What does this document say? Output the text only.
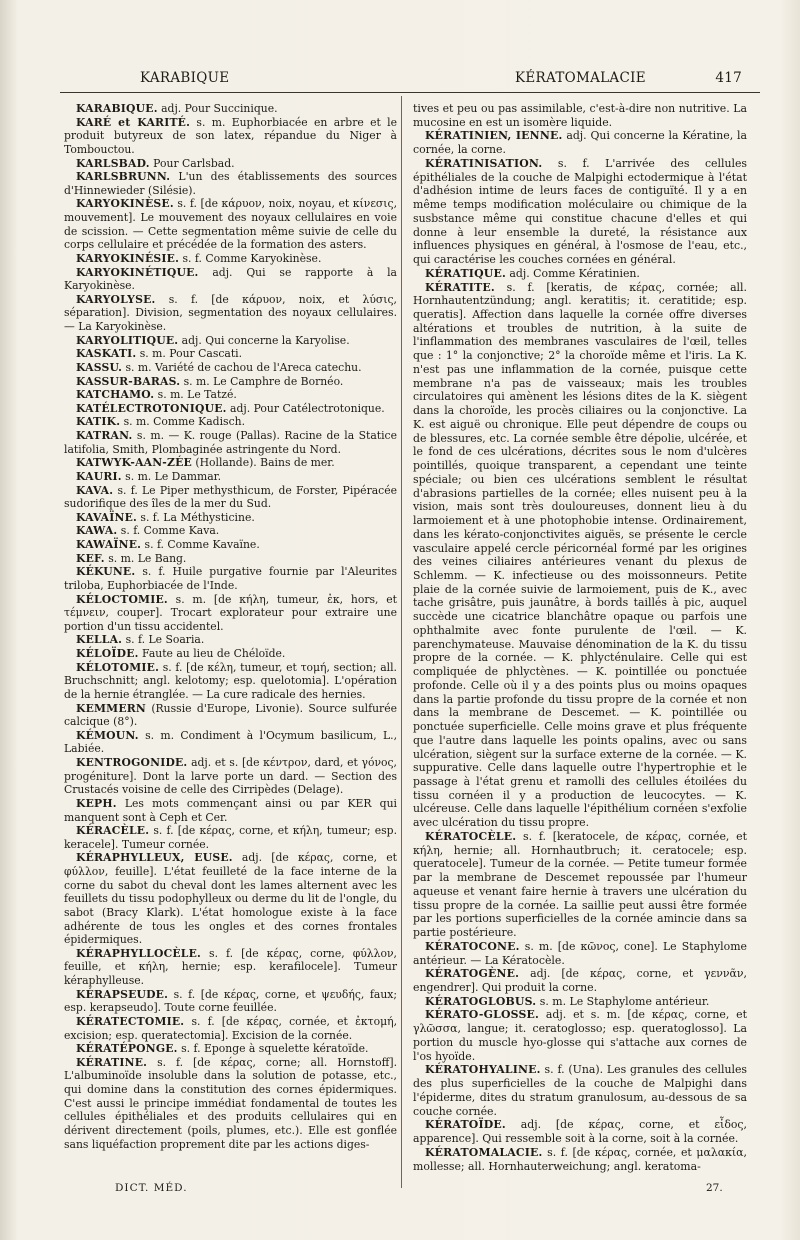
KARABIQUE	KÉRATOMALACIE	417

KARABIQUE. adj. Pour Succinique.

KARÉ et KARITÉ. s. m. Euphorbiacée en arbre et le produit butyreux de son latex, répandue du Niger à Tombouctou.

KARLSBAD. Pour Carlsbad.

KARLSBRUNN. L'un des établissements des sources d'Hinnewieder (Silésie).

KARYOKINÈSE. s. f. [de κάρυον, noix, noyau, et κίνεσις, mouvement]. Le mouvement des noyaux cellulaires en voie de scission. — Cette segmentation même suivie de celle du corps cellulaire et précédée de la formation des asters.

KARYOKINÉSIE. s. f. Comme Karyokinèse.

KARYOKINÉTIQUE. adj. Qui se rapporte à la Karyokinèse.

KARYOLYSE. s. f. [de κάρυον, noix, et λύσις, séparation]. Division, segmentation des noyaux cellulaires. — La Karyokinèse.

KARYOLITIQUE. adj. Qui concerne la Karyolise.

KASKATI. s. m. Pour Cascati.

KASSU. s. m. Variété de cachou de l'Areca catechu.

KASSUR-BARAS. s. m. Le Camphre de Bornéo.

KATCHAMO. s. m. Le Tatzé.

KATÉLECTROTONIQUE. adj. Pour Catélectrotonique.

KATIK. s. m. Comme Kadisch.

KATRAN. s. m. — K. rouge (Pallas). Racine de la Statice latifolia, Smith, Plombaginée astringente du Nord.

KATWYK-AAN-ZÉE (Hollande). Bains de mer.

KAURI. s. m. Le Dammar.

KAVA. s. f. Le Piper methysthicum, de Forster, Pipéracée sudorifique des îles de la mer du Sud.

KAVAÏNE. s. f. La Méthysticine.

KAWA. s. f. Comme Kava.

KAWAÏNE. s. f. Comme Kavaïne.

KEF. s. m. Le Bang.

KÉKUNE. s. f. Huile purgative fournie par l'Aleurites triloba, Euphorbiacée de l'Inde.

KÉLOCTOMIE. s. m. [de κήλη, tumeur, ἐκ, hors, et τέμνειν, couper]. Trocart explorateur pour extraire une portion d'un tissu accidentel.

KELLA. s. f. Le Soaria.

KÉLOÏDE. Faute au lieu de Chéloïde.

KÉLOTOMIE. s. f. [de κέλη, tumeur, et τομή, section; all. Bruchschnitt; angl. kelotomy; esp. quelotomia]. L'opération de la hernie étranglée. — La cure radicale des hernies.

KEMMERN (Russie d'Europe, Livonie). Source sulfurée calcique (8°).

KÉMOUN. s. m. Condiment à l'Ocymum basilicum, L., Labiée.

KENTROGONIDE. adj. et s. [de κέντρον, dard, et γόνος, progéniture]. Dont la larve porte un dard. — Section des Crustacés voisine de celle des Cirripèdes (Delage).

KEPH. Les mots commençant ainsi ou par KER qui manquent sont à Ceph et Cer.

KÉRACÈLE. s. f. [de κέρας, corne, et κήλη, tumeur; esp. keracele]. Tumeur cornée.

KÉRAPHYLLEUX, EUSE. adj. [de κέρας, corne, et φύλλον, feuille]. L'état feuilleté de la face interne de la corne du sabot du cheval dont les lames alternent avec les feuillets du tissu podophylleux ou derme du lit de l'ongle, du sabot (Bracy Klark). L'état homologue existe à la face adhérente de tous les ongles et des cornes frontales épidermiques.

KÉRAPHYLLOCÈLE. s. f. [de κέρας, corne, φύλλον, feuille, et κήλη, hernie; esp. kerafilocele]. Tumeur kéraphylleuse.

KÉRAPSEUDE. s. f. [de κέρας, corne, et ψευδής, faux; esp. kerapseudo]. Toute corne feuillée.

KÉRATECTOMIE. s. f. [de κέρας, cornée, et ἐκτομή, excision; esp. queratectomia]. Excision de la cornée.

KÉRATÉPONGE. s. f. Eponge à squelette kératoïde.

KÉRATINE. s. f. [de κέρας, corne; all. Hornstoff]. L'albuminoïde insoluble dans la solution de potasse, etc., qui domine dans la constitution des cornes épidermiques. C'est aussi le principe immédiat fondamental de toutes les cellules épithéliales et des produits cellulaires qui en dérivent directement (poils, plumes, etc.). Elle est gonflée sans liquéfaction proprement dite par les actions diges-

tives et peu ou pas assimilable, c'est-à-dire non nutritive. La mucosine en est un isomère liquide.

KÉRATINIEN, IENNE. adj. Qui concerne la Kératine, la cornée, la corne.

KÉRATINISATION. s. f. L'arrivée des cellules épithéliales de la couche de Malpighi ectodermique à l'état d'adhésion intime de leurs faces de contiguïté. Il y a en même temps modification moléculaire ou chimique de la susbstance même qui constitue chacune d'elles et qui donne à leur ensemble la dureté, la résistance aux influences physiques en général, à l'osmose de l'eau, etc., qui caractérise les couches cornées en général.

KÉRATIQUE. adj. Comme Kératinien.

KÉRATITE. s. f. [keratis, de κέρας, cornée; all. Hornhautentzündung; angl. keratitis; it. ceratitide; esp. queratis]. Affection dans laquelle la cornée offre diverses altérations et troubles de nutrition, à la suite de l'inflammation des membranes vasculaires de l'œil, telles que : 1° la conjonctive; 2° la choroïde même et l'iris. La K. n'est pas une inflammation de la cornée, puisque cette membrane n'a pas de vaisseaux; mais les troubles circulatoires qui amènent les lésions dites de la K. siègent dans la choroïde, les procès ciliaires ou la conjonctive. La K. est aiguë ou chronique. Elle peut dépendre de coups ou de blessures, etc. La cornée semble être dépolie, ulcérée, et le fond de ces ulcérations, décrites sous le nom d'ulcères pointillés, quoique transparent, a cependant une teinte spéciale; ou bien ces ulcérations semblent le résultat d'abrasions partielles de la cornée; elles nuisent peu à la vision, mais sont très douloureuses, donnent lieu à du larmoiement et à une photophobie intense. Ordinairement, dans les kérato-conjonctivites aiguës, se présente le cercle vasculaire appelé cercle péricornéal formé par les origines des veines ciliaires antérieures venant du plexus de Schlemm. — K. infectieuse ou des moissonneurs. Petite plaie de la cornée suivie de larmoiement, puis de K., avec tache grisâtre, puis jaunâtre, à bords taillés à pic, auquel succède une cicatrice blanchâtre opaque ou parfois une ophthalmite avec fonte purulente de l'œil. — K. parenchymateuse. Mauvaise dénomination de la K. du tissu propre de la cornée. — K. phlycténulaire. Celle qui est compliquée de phlyctènes. — K. pointillée ou ponctuée profonde. Celle où il y a des points plus ou moins opaques dans la partie profonde du tissu propre de la cornée et non dans la membrane de Descemet. — K. pointillée ou ponctuée superficielle. Celle moins grave et plus fréquente que l'autre dans laquelle les points opalins, avec ou sans ulcération, siègent sur la surface externe de la cornée. — K. suppurative. Celle dans laquelle outre l'hypertrophie et le passage à l'état grenu et ramolli des cellules étoilées du tissu cornéen il y a production de leucocytes. — K. ulcéreuse. Celle dans laquelle l'épithélium cornéen s'exfolie avec ulcération du tissu propre.

KÉRATOCÈLE. s. f. [keratocele, de κέρας, cornée, et κήλη, hernie; all. Hornhautbruch; it. ceratocele; esp. queratocele]. Tumeur de la cornée. — Petite tumeur formée par la membrane de Descemet repoussée par l'humeur aqueuse et venant faire hernie à travers une ulcération du tissu propre de la cornée. La saillie peut aussi être formée par les portions superficielles de la cornée amincie dans sa partie postérieure.

KÉRATOCONE. s. m. [de κῶνος, cone]. Le Staphylome antérieur. — La Kératocèle.

KÉRATOGÈNE. adj. [de κέρας, corne, et γεννᾶν, engendrer]. Qui produit la corne.

KÉRATOGLOBUS. s. m. Le Staphylome antérieur.

KÉRATO-GLOSSE. adj. et s. m. [de κέρας, corne, et γλῶσσα, langue; it. ceratoglosso; esp. queratoglosso]. La portion du muscle hyo-glosse qui s'attache aux cornes de l'os hyoïde.

KÉRATOHYALINE. s. f. (Una). Les granules des cellules des plus superficielles de la couche de Malpighi dans l'épiderme, dites du stratum granulosum, au-dessous de sa couche cornée.

KÉRATOÏDE. adj. [de κέρας, corne, et εἶδος, apparence]. Qui ressemble soit à la corne, soit à la cornée.

KÉRATOMALACIE. s. f. [de κέρας, cornée, et μαλακία, mollesse; all. Hornhauterweichung; angl. keratoma-

DICT. MÉD.	27.
